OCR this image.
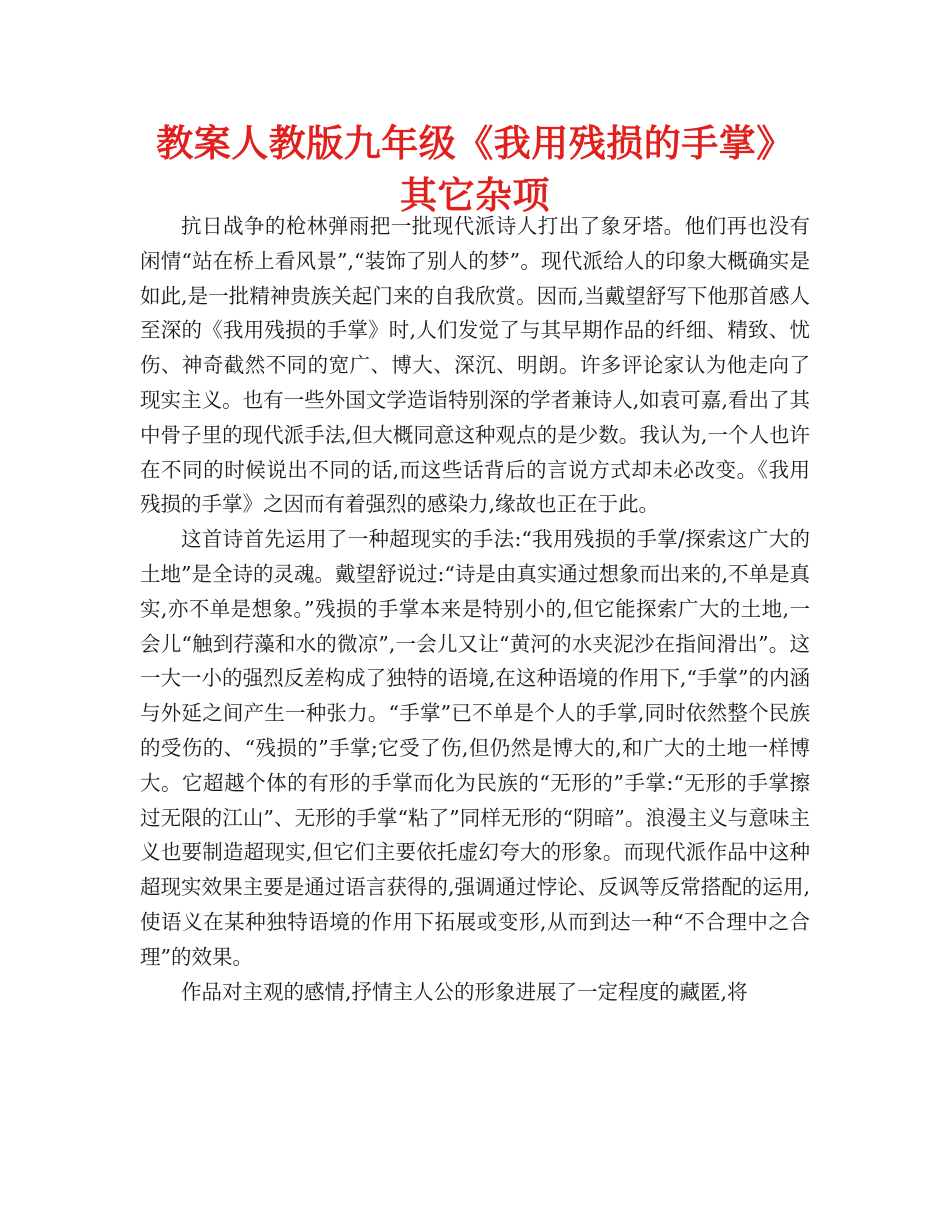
教案人教版九年级《我用残损的手掌》其它杂项

抗日战争的枪林弹雨把一批现代派诗人打出了象牙塔。他们再也没有闲情“站在桥上看风景”,“装饰了别人的梦”。现代派给人的印象大概确实是如此,是一批精神贵族关起门来的自我欣赏。因而,当戴望舒写下他那首感人至深的《我用残损的手掌》时,人们发觉了与其早期作品的纤细、精致、忧伤、神奇截然不同的宽广、博大、深沉、明朗。许多评论家认为他走向了现实主义。也有一些外国文学造诣特别深的学者兼诗人,如袁可嘉,看出了其中骨子里的现代派手法,但大概同意这种观点的是少数。我认为,一个人也许在不同的时候说出不同的话,而这些话背后的言说方式却未必改变。《我用残损的手掌》之因而有着强烈的感染力,缘故也正在于此。

这首诗首先运用了一种超现实的手法:“我用残损的手掌/探索这广大的土地”是全诗的灵魂。戴望舒说过:“诗是由真实通过想象而出来的,不单是真实,亦不单是想象。”残损的手掌本来是特别小的,但它能探索广大的土地,一会儿“触到荇藻和水的微凉”,一会儿又让“黄河的水夹泥沙在指间滑出”。这一大一小的强烈反差构成了独特的语境,在这种语境的作用下,“手掌”的内涵与外延之间产生一种张力。“手掌”已不单是个人的手掌,同时依然整个民族的受伤的、“残损的”手掌;它受了伤,但仍然是博大的,和广大的土地一样博大。它超越个体的有形的手掌而化为民族的“无形的”手掌:“无形的手掌擦过无限的江山”、无形的手掌“粘了”同样无形的“阴暗”。浪漫主义与意味主义也要制造超现实,但它们主要依托虚幻夸大的形象。而现代派作品中这种超现实效果主要是通过语言获得的,强调通过悖论、反讽等反常搭配的运用,使语义在某种独特语境的作用下拓展或变形,从而到达一种“不合理中之合理”的效果。

作品对主观的感情,抒情主人公的形象进展了一定程度的藏匿,将
